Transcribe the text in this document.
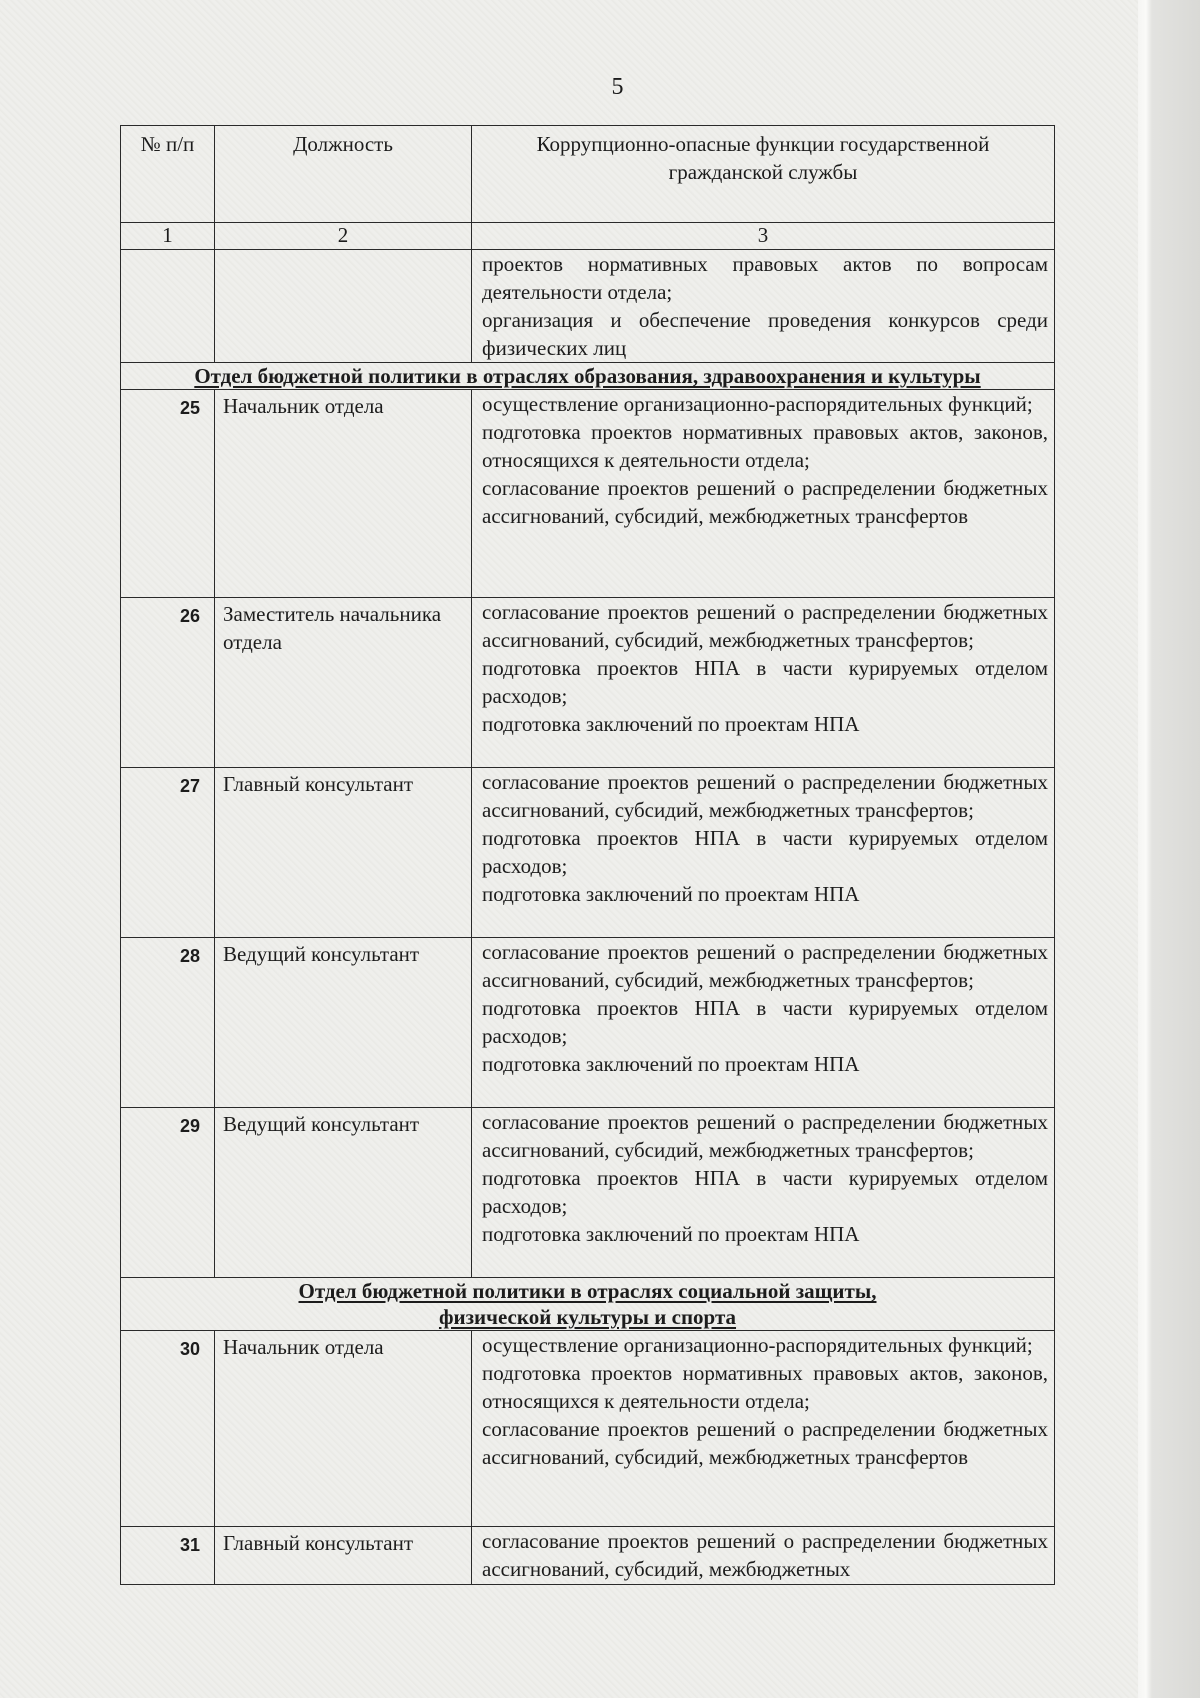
5
№ п/п	Должность	Коррупционно-опасные функции государственной гражданской службы
1	2	3

		проектов нормативных правовых актов по вопросам деятельности отдела;
организация и обеспечение проведения конкурсов среди физических лиц

Отдел бюджетной политики в отраслях образования, здравоохранения и культуры		
25	Начальник отдела	осуществление организационно-распорядительных функций;
подготовка проектов нормативных правовых актов, законов, относящихся к деятельности отдела;
согласование проектов решений о распределении бюджетных ассигнований, субсидий, межбюджетных трансфертов

26	Заместитель начальника отдела	согласование проектов решений о распределении бюджетных ассигнований, субсидий, межбюджетных трансфертов;
подготовка проектов НПА в части курируемых отделом расходов;
подготовка заключений по проектам НПА

27	Главный консультант	согласование проектов решений о распределении бюджетных ассигнований, субсидий, межбюджетных трансфертов;
подготовка проектов НПА в части курируемых отделом расходов;
подготовка заключений по проектам НПА

28	Ведущий консультант	согласование проектов решений о распределении бюджетных ассигнований, субсидий, межбюджетных трансфертов;
подготовка проектов НПА в части курируемых отделом расходов;
подготовка заключений по проектам НПА

29	Ведущий консультант	согласование проектов решений о распределении бюджетных ассигнований, субсидий, межбюджетных трансфертов;
подготовка проектов НПА в части курируемых отделом расходов;
подготовка заключений по проектам НПА

Отдел бюджетной политики в отраслях социальной защиты,
физической культуры и спорта		
30	Начальник отдела	осуществление организационно-распорядительных функций;
подготовка проектов нормативных правовых актов, законов, относящихся к деятельности отдела;
согласование проектов решений о распределении бюджетных ассигнований, субсидий, межбюджетных трансфертов

31	Главный консультант	согласование проектов решений о распределении бюджетных ассигнований, субсидий, межбюджетных
